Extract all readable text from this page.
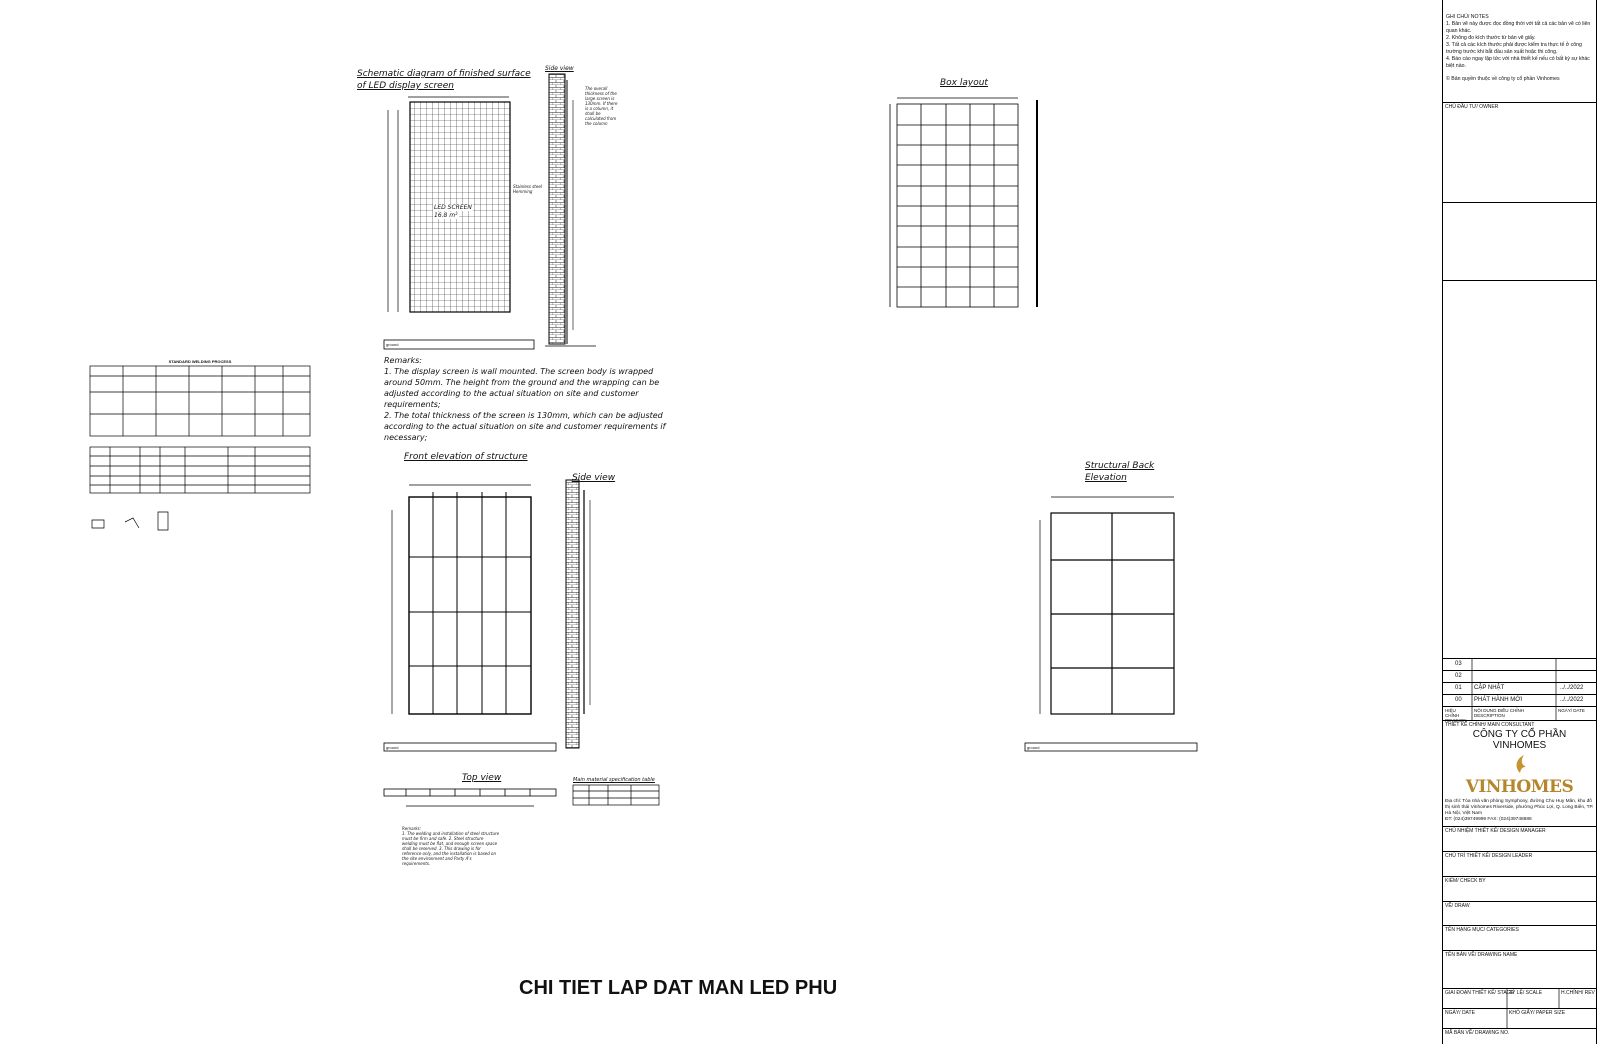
Schematic diagram of finished surface of LED display screen
Side view
The overall thickness of the large screen is 130mm. If there is a column, it shall be calculated from the column
LED SCREEN
16.8 m²
Stainless steel Hemming
ground
Remarks:
1. The display screen is wall mounted. The screen body is wrapped around 50mm. The height from the ground and the wrapping can be adjusted according to the actual situation on site and customer requirements;
2. The total thickness of the screen is 130mm, which can be adjusted according to the actual situation on site and customer requirements if necessary;
Box layout
STANDARD WELDING PROCESS
Front elevation of structure
Side view
Structural Back Elevation
ground	ground
Top view	Main material specification table
Remarks:
1. The welding and installation of steel structure must be firm and safe. 2. Steel structure welding must be flat, and enough screen space shall be reserved. 3. This drawing is for reference only, and the installation is based on the site environment and Party A's requirements.
CHI TIET LAP DAT MAN LED PHU
GHI CHÚ/ NOTES
1. Bản vẽ này được đọc đồng thời với tất cả các bản vẽ có liên quan khác.
2. Không đo kích thước từ bản vẽ giấy.
3. Tất cả các kích thước phải được kiểm tra thực tế ở công trường trước khi bắt đầu sản xuất hoặc thi công.
4. Báo cáo ngay lập tức với nhà thiết kế nếu có bất kỳ sự khác biệt nào.
© Bản quyền thuộc về công ty cổ phần Vinhomes
CHỦ ĐẦU TƯ/ OWNER
03
02
01 CẬP NHẬT	../../2022
00 PHÁT HÀNH MỚI	../../2022
HIỆU CHỈNH REVISION
NỘI DUNG ĐIỀU CHỈNH DESCRIPTION
NGÀY/ DATE
THIẾT KẾ CHÍNH/ MAIN CONSULTANT
CÔNG TY CỔ PHẦN VINHOMES
VINHOMES
Địa chỉ: Tòa nhà văn phòng Symphony, đường Chu Huy Mân, khu đô thị sinh thái Vinhomes Riverside, phường Phúc Lợi, Q. Long Biên, TP. Hà Nội, Việt Nam
ĐT: (024)39749999 FAX: (024)39748888
CHỦ NHIỆM THIẾT KẾ/ DESIGN MANAGER
CHỦ TRÌ THIẾT KẾ/ DESIGN LEADER
KIỂM/ CHECK BY
VẼ/ DRAW
TÊN HẠNG MỤC/ CATEGORIES
TÊN BẢN VẼ/ DRAWING NAME
GIAI ĐOẠN THIẾT KẾ/ STAGE
TỶ LỆ/ SCALE	H.CHỈNH/ REV
NGÀY/ DATE	KHỔ GIẤY/ PAPER SIZE
MÃ BẢN VẼ/ DRAWING NO.
